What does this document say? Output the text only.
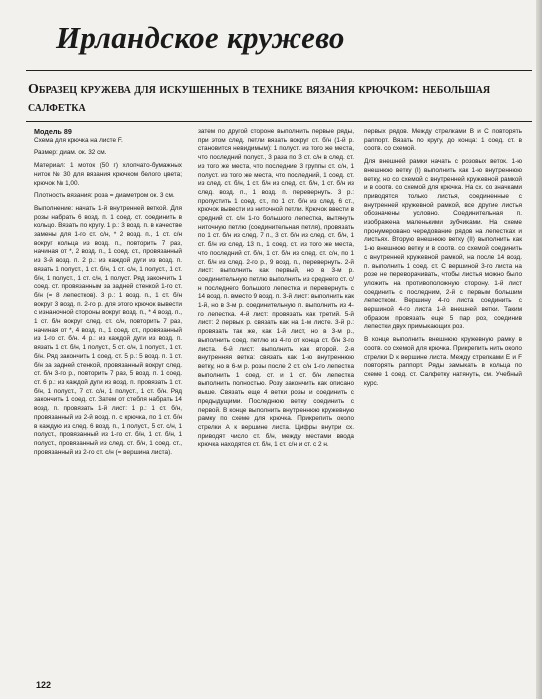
Ирландское кружево

Образец кружева для искушенных в технике вязания крючком: небольшая салфетка

Модель 89

Схема для крючка на листе F.

Размер: диам. ок. 32 см.

Материал: 1 моток (50 г) хлопчато-бумажных ниток № 30 для вязания крючком белого цвета; крючок № 1,00.

Плотность вязания: роза = диаметром ок. 3 см.

Выполнение: начать 1-й внутренней веткой. Для розы набрать 6 возд. п. 1 соед. ст. соединить в кольцо. Вязать по кругу. 1 р.: 3 возд. п. в качестве замены для 1-го ст. с/н, * 2 возд. п., 1 ст. с/н вокруг кольца из возд. п., повторить 7 раз, начиная от *, 2 возд. п., 1 соед. ст., провязанный из 3-й возд. п. 2 р.: из каждой дуги из возд. п. вязать 1 полуст., 1 ст. б/н, 1 ст. с/н, 1 полуст., 1 ст. б/н, 1 полуст., 1 ст. с/н, 1 полуст. Ряд закончить 1 соед. ст. провязанным за задней стенкой 1-го ст. б/н (= 8 лепестков). 3 р.: 1 возд. п., 1 ст. б/н вокруг 3 возд. п. 2-го р. для этого крючок вывести с изнаночной стороны вокруг возд. п., * 4 возд. п., 1 ст. б/н вокруг след. ст. с/н, повторить 7 раз, начиная от *, 4 возд. п., 1 соед. ст., провязанный из 1-го ст. б/н. 4 р.: из каждой дуги из возд. п. вязать 1 ст. б/н, 1 полуст., 5 ст. с/н, 1 полуст., 1 ст. б/н. Ряд закончить 1 соед. ст. 5 р.: 5 возд. п. 1 ст. б/н за задней стенкой, провязанный вокруг след. ст. б/н 3-го р., повторить 7 раз, 5 возд. п. 1 соед. ст. 6 р.: из каждой дуги из возд. п. провязать 1 ст. б/н, 1 полуст., 7 ст. с/н, 1 полуст., 1 ст. б/н. Ряд закончить 1 соед. ст. Затем от стебля набрать 14 возд. п. провязать 1-й лист: 1 р.: 1 ст. б/н, провязанный из 2-й возд. п. с крючка, по 1 ст. б/н в каждую из след. 6 возд. п., 1 полуст., 5 ст. с/н, 1 полуст., провязанный из 1-го ст. б/н, 1 ст. б/н, 1 полуст., провязанный из след. ст. б/н, 1 соед. ст., провязанный из 2-го ст. с/н (= вершина листа).

затем по другой стороне выполнить первые ряды, при этом след. петли вязать вокруг ст. б/н (1-й р. становится невидимым): 1 полуст. из того же места, что последний полуст., 3 раза по 3 ст. с/н в след. ст. из того же места, что последние 3 группы ст. с/н, 1 полуст. из того же места, что последний, 1 соед. ст. из след. ст. б/н, 1 ст. б/н из след. ст. б/н, 1 ст. б/н из след. возд. п., 1 возд. п. перевернуть. 3 р.: пропустить 1 соед. ст., по 1 ст. б/н из след. 6 ст., крючок вывести из ниточной петли. Крючок ввести в средний ст. с/н 1-го большого лепестка, вытянуть ниточную петлю (соединительная петля), провязать по 1 ст. б/н из след. 7 п., 3 ст. б/н из след. ст. б/н, 1 ст. б/н из след. 13 п., 1 соед. ст. из того же места, что последний ст. б/н, 1 ст. б/н из след. ст. с/н, по 1 ст. б/н из след. 2-го р., 9 возд. п., перевернуть. 2-й лист: выполнить как первый, но в 3-м р. соединительную петлю выполнить из среднего ст. с/н последнего большого лепестка и перевернуть с 14 возд. п. вместо 9 возд. п. 3-й лист: выполнить как 1-й, но в 3-м р. соединительную п. выполнить из 4-го лепестка. 4-й лист: провязать как третий. 5-й лист: 2 первых р. связать как на 1-м листе. 3-й р.: провязать так же, как 1-й лист, но в 3-м р., выполнить соед. петлю из 4-го от конца ст. б/н 3-го листа. 6-й лист: выполнить как второй. 2-я внутренняя ветка: связать как 1-ю внутреннюю ветку, но в 6-м р. розы после 2 ст. с/н 1-го лепестка выполнить 1 соед. ст. и 1 ст. б/н лепестка выполнить полностью. Розу закончить как описано выше. Связать еще 4 ветки розы и соединить с предыдущими. Последнюю ветку соединить с первой. В конце выполнить внутреннюю кружевную рамку по схеме для крючка. Прикрепить около стрелки А к вершине листа. Цифры внутри сх. приводят число ст. б/н, между местами ввода крючка находятся ст. б/н, 1 ст. с/н и ст. с 2 н.

первых рядов. Между стрелками В и С повторять раппорт. Вязать по кругу, до конца: 1 соед. ст. в соотв. со схемой.

Для внешней рамки начать с розовых веток. 1-ю внешнюю ветку (I) выполнить как 1-ю внутреннюю ветку, но со схемой с внутренней кружевной рамкой и в соотв. со схемой для крючка. На сх. со значками приводятся только листья, соединенные с внутренней кружевной рамкой, все другие листья обозначены условно. Соединительная п. изображена маленькими зубчиками. На схеме пронумеровано чередование рядов на лепестках и листьях. Вторую внешнюю ветку (II) выполнить как 1-ю внешнюю ветку и в соотв. со схемой соединить с внутренней кружевной рамкой, на после 14 возд. п. выполнить 1 соед. ст. С вершиной 3-го листа на розе не переворачивать, чтобы листья можно было уложить на противоположную сторону. 1-й лист соединить с последним, 2-й с первым большим лепестком. Вершину 4-го листа соединить с вершиной 4-го листа 1-й внешней ветки. Таким образом провязать еще 5 пар роз, соединив лепестки двух примыкающих роз.

В конце выполнить внешнюю кружевную рамку в соотв. со схемой для крючка. Прикрепить нить около стрелки D к вершине листа. Между стрелками E и F повторять раппорт. Ряды замыкать в кольца по схеме 1 соед. ст. Салфетку натянуть, см. Учебный курс.

122
